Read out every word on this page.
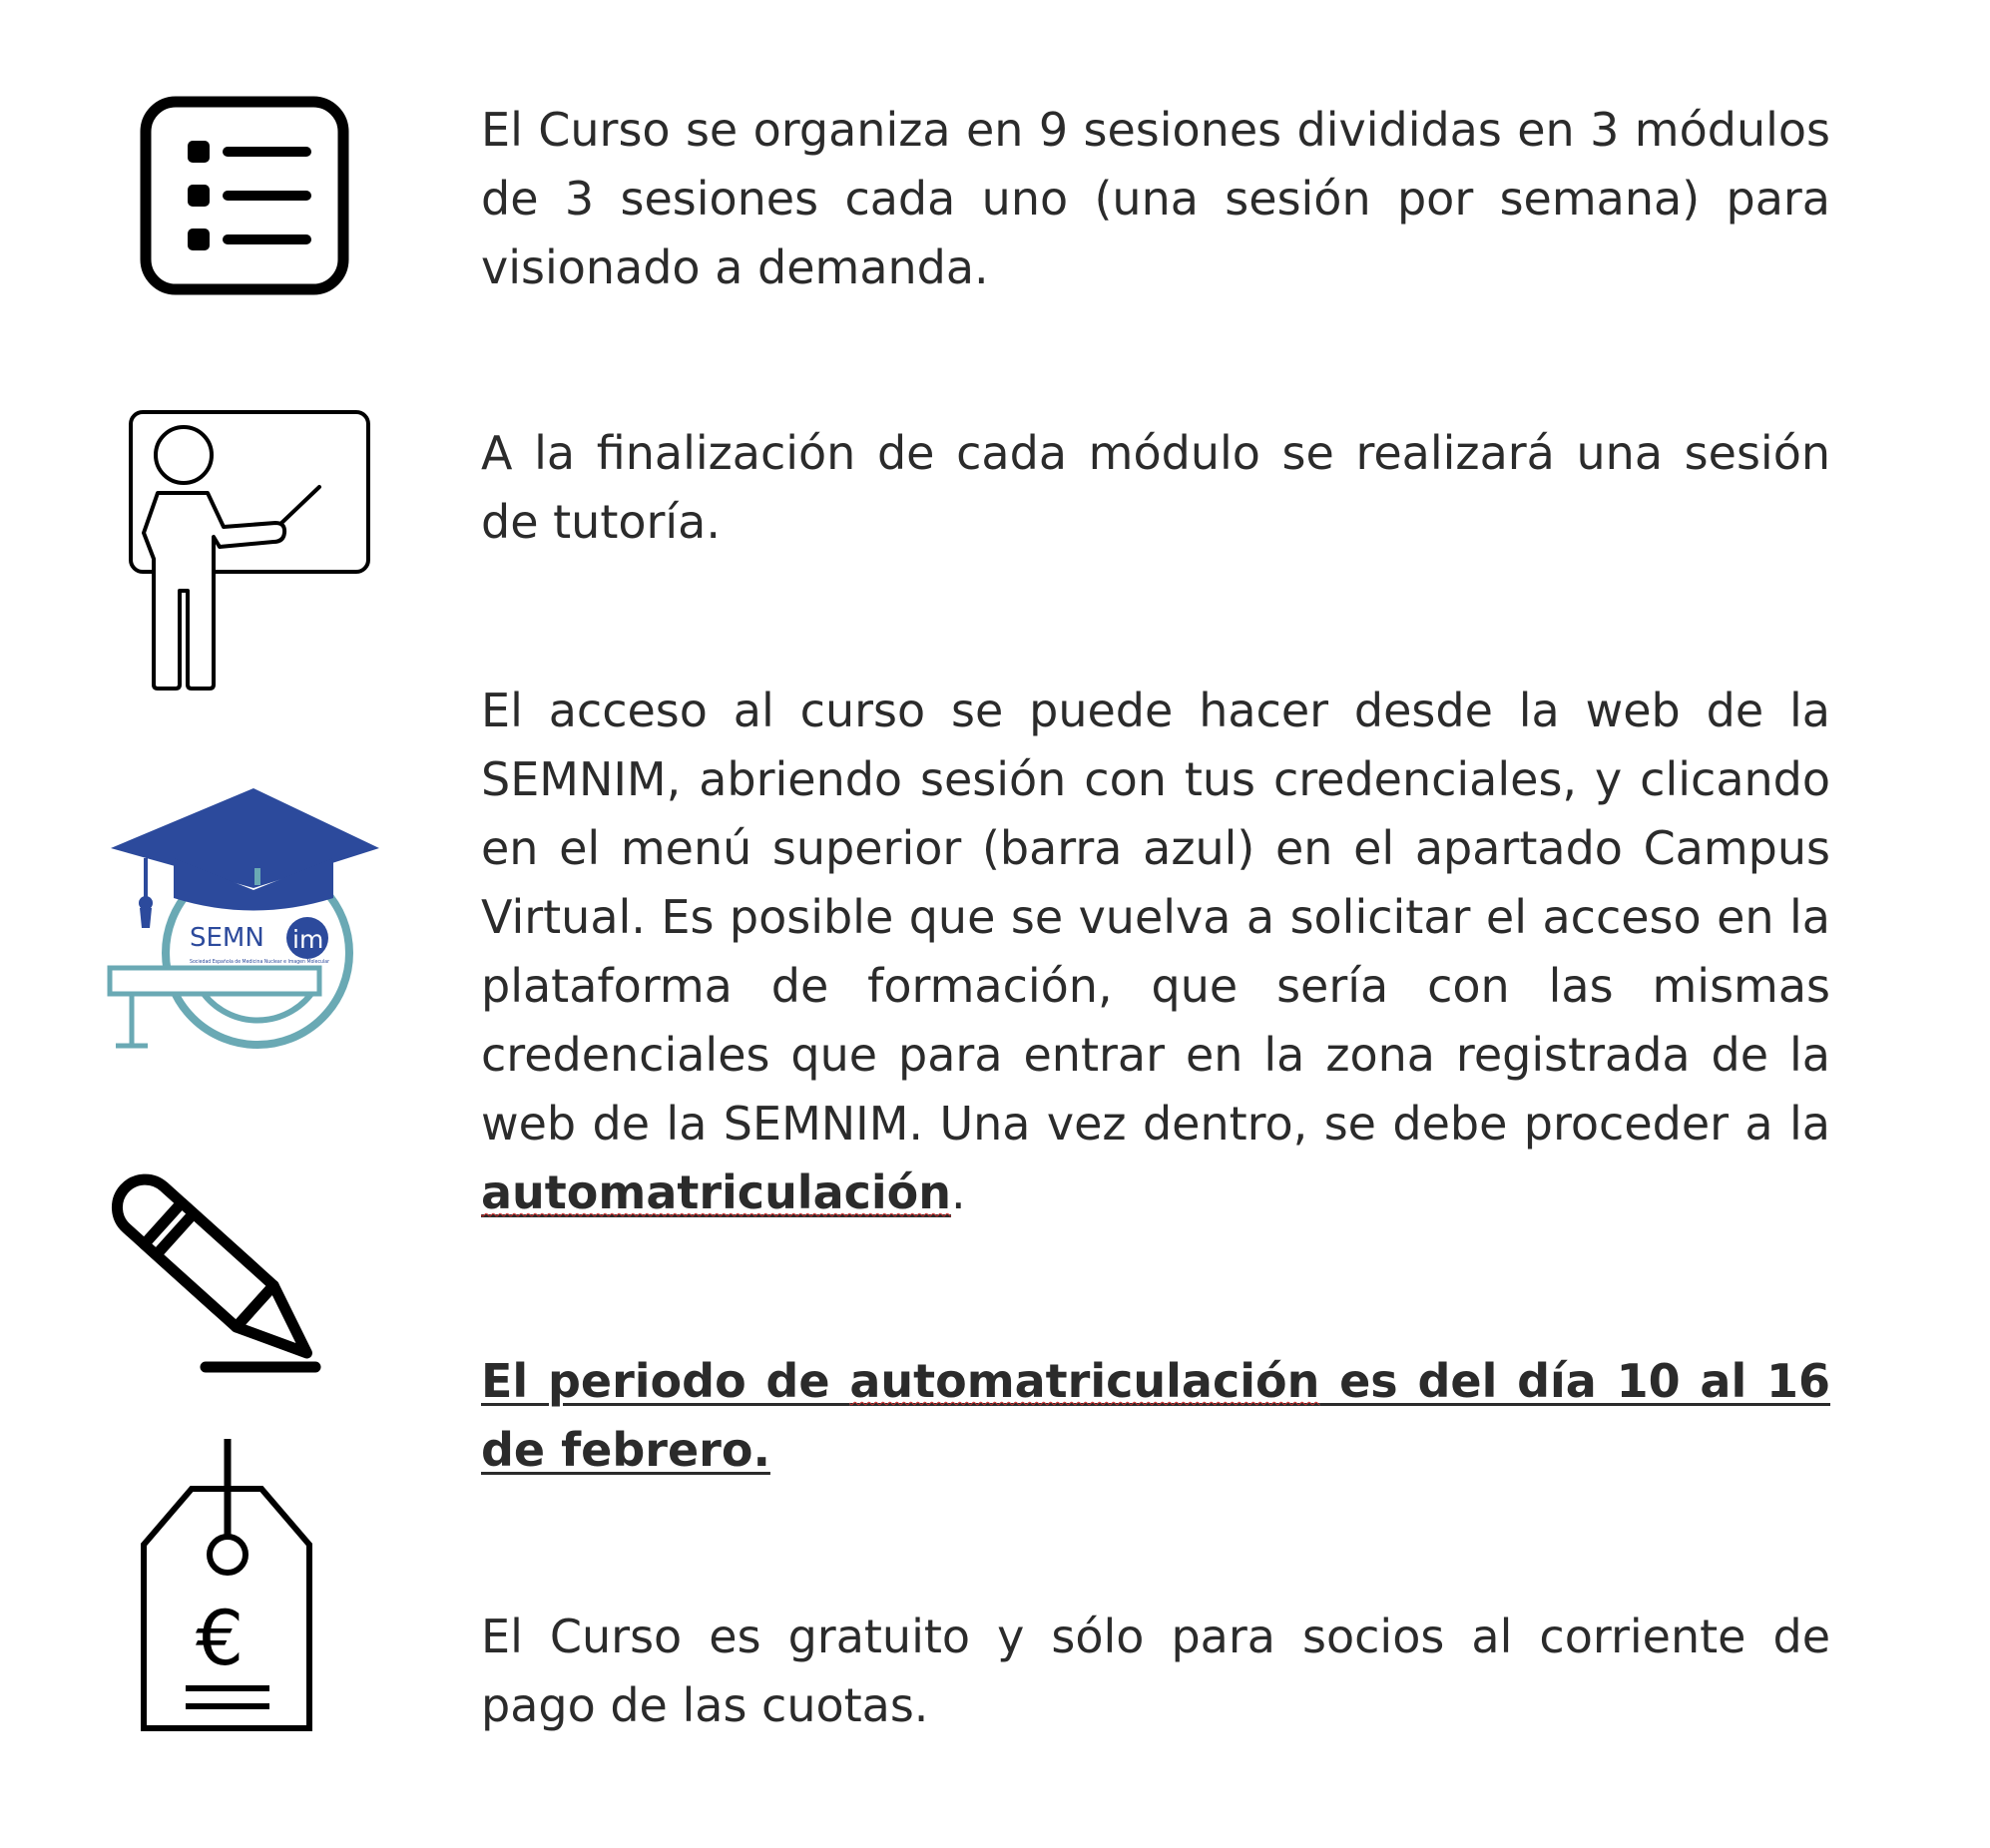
SEMN im
Sociedad Española de Medicina Nuclear e Imagen Molecular
€
El Curso se organiza en 9 sesiones divididas en 3 módulos de 3 sesiones cada uno (una sesión por semana) para visionado a demanda.
A la finalización de cada módulo se realizará una sesión de tutoría.
El acceso al curso se puede hacer desde la web de la SEMNIM, abriendo sesión con tus credenciales, y clicando en el menú superior (barra azul) en el apartado Campus Virtual. Es posible que se vuelva a solicitar el acceso en la plataforma de formación, que sería con las mismas credenciales que para entrar en la zona registrada de la web de la SEMNIM. Una vez dentro, se debe proceder a la automatriculación.
El periodo de automatriculación es del día 10 al 16 de febrero.
El Curso es gratuito y sólo para socios al corriente de pago de las cuotas.
